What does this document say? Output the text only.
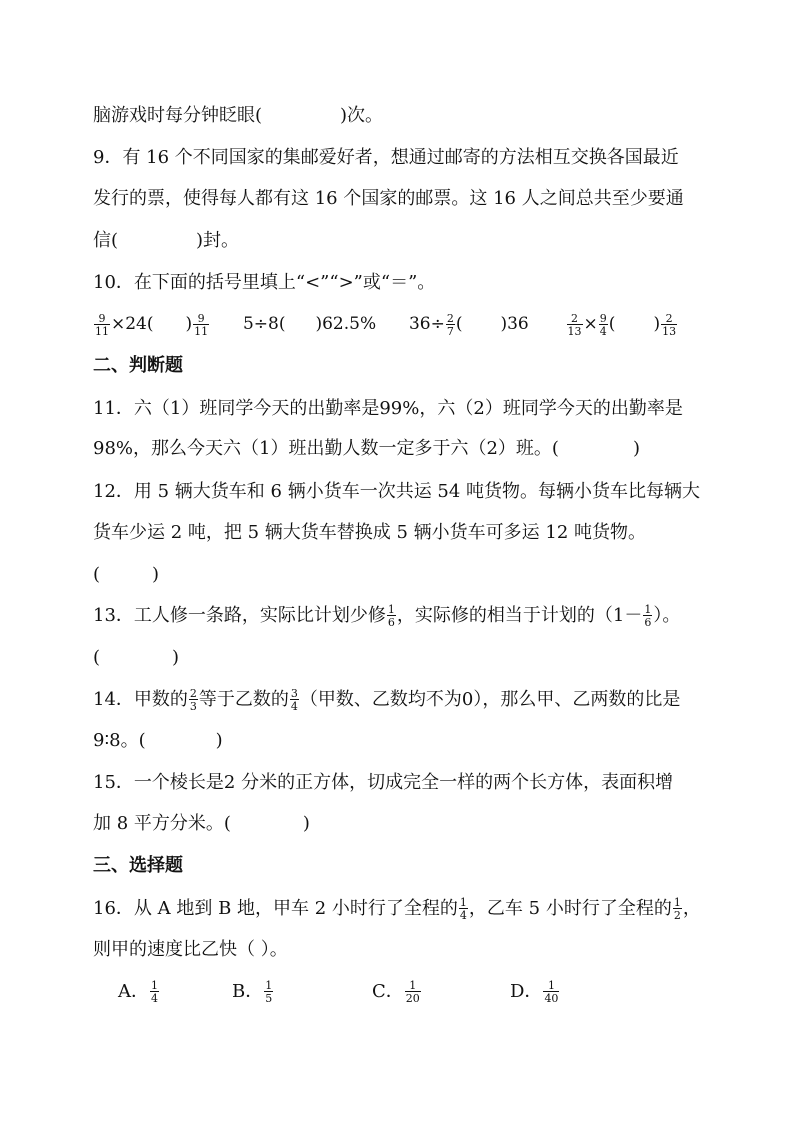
脑游戏时每分钟眨眼(	)次。
9．有 16 个不同国家的集邮爱好者，想通过邮寄的方法相互交换各国最近
发行的票，使得每人都有这 16 个国家的邮票。这 16 人之间总共至少要通
信(	)封。
10．在下面的括号里填上“<”“>”或“＝”。
$\frac{9}{11} \times 24$( ) $\frac{9}{11} 5\div 8$( )62.5% $36\div \frac{2}{7}$ ( )36	$\frac{2}{13} \times \frac{9}{4}$ ( ) $\frac{2}{13}$
二、判断题
11．六（1）班同学今天的出勤率是99%，六（2）班同学今天的出勤率是
98%，那么今天六（1）班出勤人数一定多于六（2）班。(	)
12．用 5 辆大货车和 6 辆小货车一次共运 54 吨货物。每辆小货车比每辆大
货车少运 2 吨，把 5 辆大货车替换成 5 辆小货车可多运 12 吨货物。
(	)
13．工人修一条路，实际比计划少修 $\frac{1}{6}$ ，实际修的相当于计划的（$1- \frac{1}{6}$ ）。
(	)
14．甲数的 $\frac{2}{3}$ 等于乙数的 $\frac{3}{4}$ （甲数、乙数均不为0），那么甲、乙两数的比是
9∶8。(	)
15．一个棱长是2 分米的正方体，切成完全一样的两个长方体，表面积增
加 8 平方分米。(	)
三、选择题
16．从 A 地到 B 地，甲车 2 小时行了全程的 $\frac{1}{4}$ ，乙车 5 小时行了全程的 $\frac{1}{2}$ ，
则甲的速度比乙快（ ）。
A． $\frac{1}{4}$	B． $\frac{1}{5}$	C． $\frac{1}{20}$	D． $\frac{1}{40}$
